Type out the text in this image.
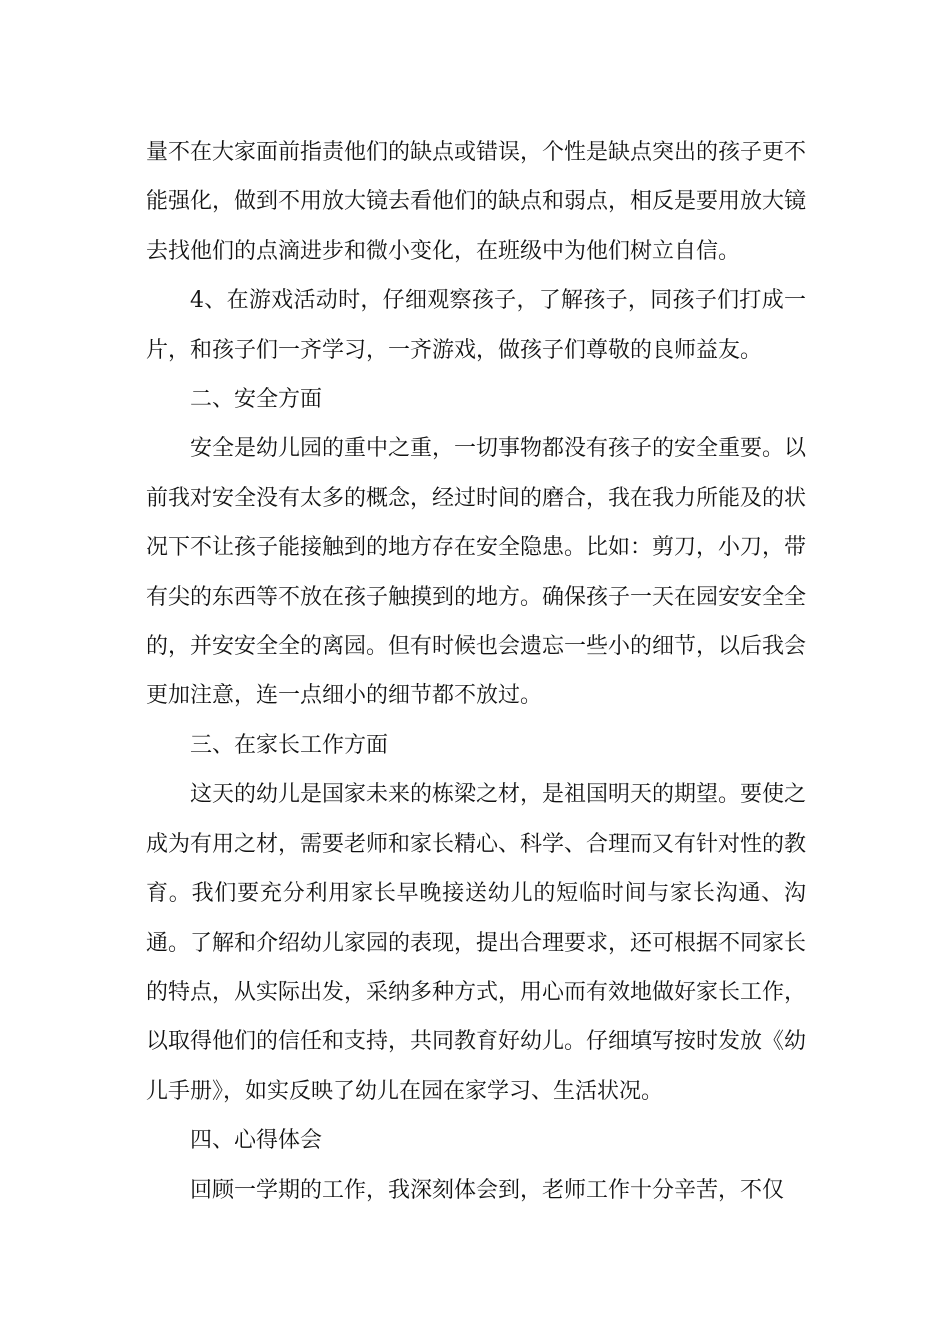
量不在大家面前指责他们的缺点或错误，个性是缺点突出的孩子更不能强化，做到不用放大镜去看他们的缺点和弱点，相反是要用放大镜去找他们的点滴进步和微小变化，在班级中为他们树立自信。

4、在游戏活动时，仔细观察孩子，了解孩子，同孩子们打成一片，和孩子们一齐学习，一齐游戏，做孩子们尊敬的良师益友。

二、安全方面

安全是幼儿园的重中之重，一切事物都没有孩子的安全重要。以前我对安全没有太多的概念，经过时间的磨合，我在我力所能及的状况下不让孩子能接触到的地方存在安全隐患。比如：剪刀，小刀，带有尖的东西等不放在孩子触摸到的地方。确保孩子一天在园安安全全的，并安安全全的离园。但有时候也会遗忘一些小的细节，以后我会更加注意，连一点细小的细节都不放过。

三、在家长工作方面

这天的幼儿是国家未来的栋梁之材，是祖国明天的期望。要使之成为有用之材，需要老师和家长精心、科学、合理而又有针对性的教育。我们要充分利用家长早晚接送幼儿的短临时间与家长沟通、沟通。了解和介绍幼儿家园的表现，提出合理要求，还可根据不同家长的特点，从实际出发，采纳多种方式，用心而有效地做好家长工作，以取得他们的信任和支持，共同教育好幼儿。仔细填写按时发放《幼儿手册》，如实反映了幼儿在园在家学习、生活状况。

四、心得体会

回顾一学期的工作，我深刻体会到，老师工作十分辛苦，不仅
